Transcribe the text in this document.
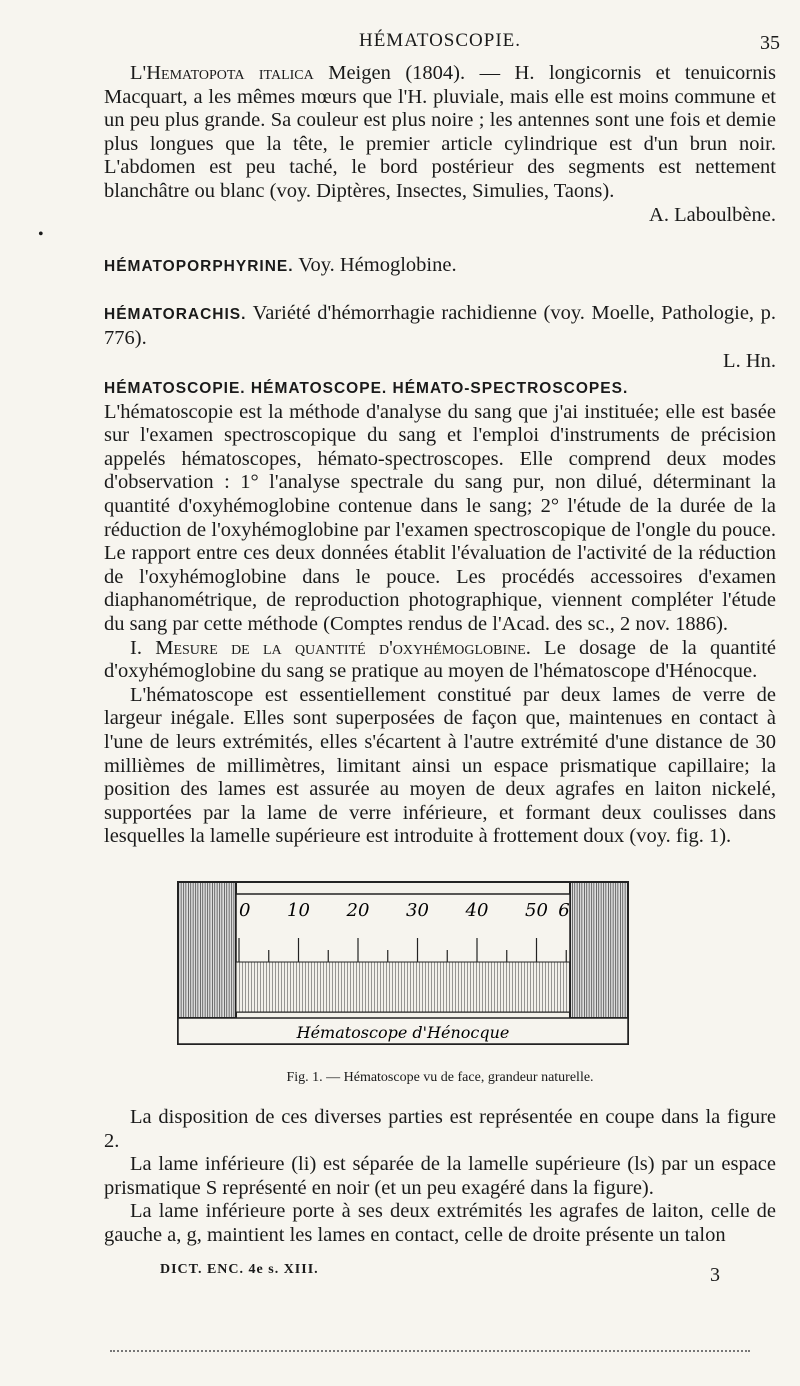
HÉMATOSCOPIE.	35

L'Hematopota italica Meigen (1804). — H. longicornis et tenuicornis Macquart, a les mêmes mœurs que l'H. pluviale, mais elle est moins commune et un peu plus grande. Sa couleur est plus noire ; les antennes sont une fois et demie plus longues que la tête, le premier article cylindrique est d'un brun noir. L'abdomen est peu taché, le bord postérieur des segments est nettement blanchâtre ou blanc (voy. Diptères, Insectes, Simulies, Taons).

A. Laboulbène.

•

HÉMATOPORPHYRINE. Voy. Hémoglobine.

HÉMATORACHIS. Variété d'hémorrhagie rachidienne (voy. Moelle, Pathologie, p. 776).

L. Hn.

HÉMATOSCOPIE. HÉMATOSCOPE. HÉMATO-SPECTROSCOPES.

L'hématoscopie est la méthode d'analyse du sang que j'ai instituée; elle est basée sur l'examen spectroscopique du sang et l'emploi d'instruments de précision appelés hématoscopes, hémato-spectroscopes. Elle comprend deux modes d'observation : 1° l'analyse spectrale du sang pur, non dilué, déterminant la quantité d'oxyhémoglobine contenue dans le sang; 2° l'étude de la durée de la réduction de l'oxyhémoglobine par l'examen spectroscopique de l'ongle du pouce. Le rapport entre ces deux données établit l'évaluation de l'activité de la réduction de l'oxyhémoglobine dans le pouce. Les procédés accessoires d'examen diaphanométrique, de reproduction photographique, viennent compléter l'étude du sang par cette méthode (Comptes rendus de l'Acad. des sc., 2 nov. 1886).

I. Mesure de la quantité d'oxyhémoglobine. Le dosage de la quantité d'oxyhémoglobine du sang se pratique au moyen de l'hématoscope d'Hénocque.

L'hématoscope est essentiellement constitué par deux lames de verre de largeur inégale. Elles sont superposées de façon que, maintenues en contact à l'une de leurs extrémités, elles s'écartent à l'autre extrémité d'une distance de 30 millièmes de millimètres, limitant ainsi un espace prismatique capillaire; la position des lames est assurée au moyen de deux agrafes en laiton nickelé, supportées par la lame de verre inférieure, et formant deux coulisses dans lesquelles la lamelle supérieure est introduite à frottement doux (voy. fig. 1).

0 10 20 30 40 50 6
Hématoscope d'Hénocque
Fig. 1. — Hématoscope vu de face, grandeur naturelle.

La disposition de ces diverses parties est représentée en coupe dans la figure 2.

La lame inférieure (li) est séparée de la lamelle supérieure (ls) par un espace prismatique S représenté en noir (et un peu exagéré dans la figure).

La lame inférieure porte à ses deux extrémités les agrafes de laiton, celle de gauche a, g, maintient les lames en contact, celle de droite présente un talon

DICT. ENC. 4e s. XIII.	3
